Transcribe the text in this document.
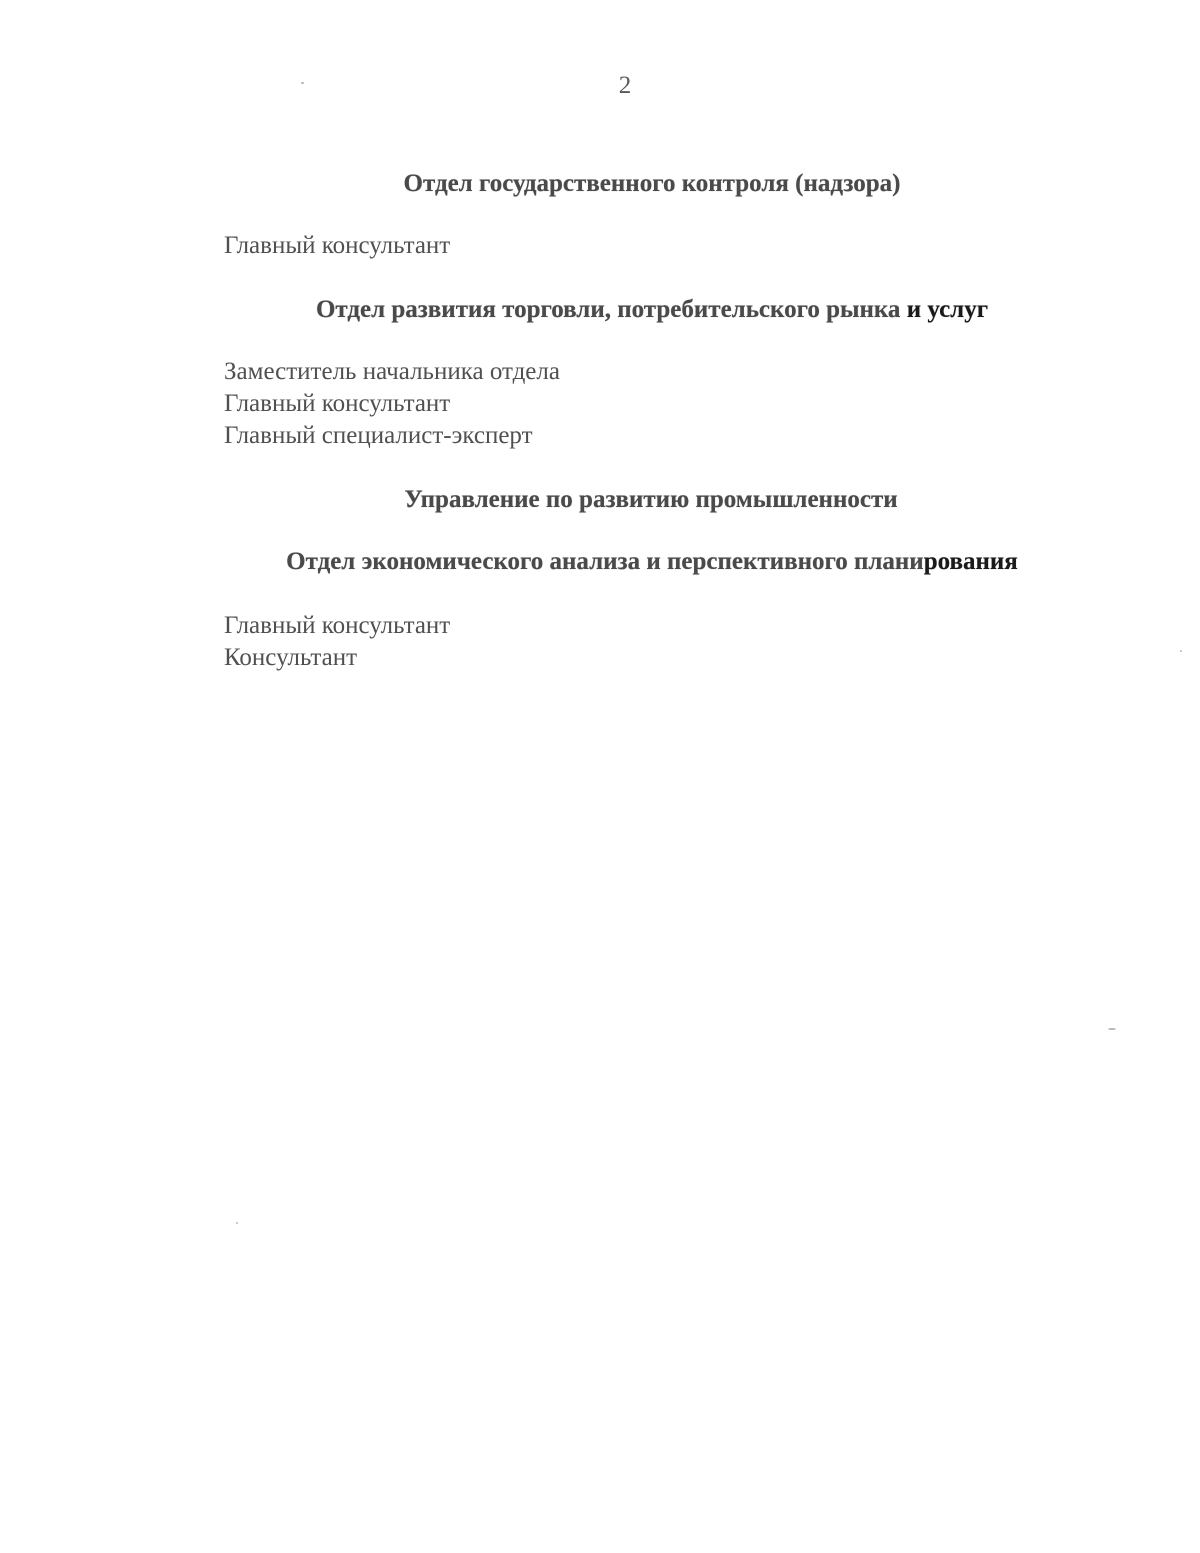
2
Отдел государственного контроля (надзора)
Главный консультант
Отдел развития торговли, потребительского рынка и услуг
Заместитель начальника отдела
Главный консультант
Главный специалист-эксперт
Управление по развитию промышленности
Отдел экономического анализа и перспективного планирования
Главный консультант
Консультант
